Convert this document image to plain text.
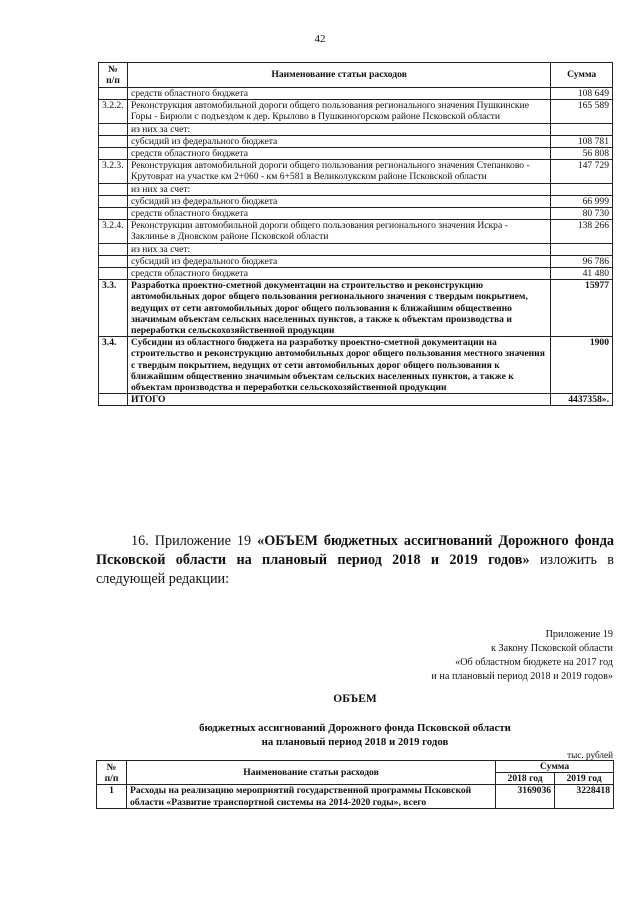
42
№
п/п	Наименование статьи расходов	Сумма
	средств областного бюджета	108 649
3.2.2.	Реконструкция автомобильной дороги общего пользования регионального значения Пушкинские Горы - Бирюли с подъездом к дер. Крылово в Пушкиногорском районе Псковской области	165 589
	из них за счет:	
	субсидий из федерального бюджета	108 781
	средств областного бюджета	56 808
3.2.3.	Реконструкция автомобильной дороги общего пользования регионального значения Степанково - Крутоврат на участке км 2+060 - км 6+581 в Великолукском районе Псковской области	147 729
	из них за счет:	
	субсидий из федерального бюджета	66 999
	средств областного бюджета	80 730
3.2.4.	Реконструкции автомобильной дороги общего пользования регионального значения Искра - Заклинье в Дновском районе Псковской области	138 266
	из них за счет:	
	субсидий из федерального бюджета	96 786
	средств областного бюджета	41 480
3.3.	Разработка проектно-сметной документации на строительство и реконструкцию автомобильных дорог общего пользования регионального значения с твердым покрытием, ведущих от сети автомобильных дорог общего пользования к ближайшим общественно значимым объектам сельских населенных пунктов, а также к объектам производства и переработки сельскохозяйственной продукции	15977
3.4.	Субсидии из областного бюджета на разработку проектно-сметной документации на строительство и реконструкцию автомобильных дорог общего пользования местного значения с твердым покрытием, ведущих от сети автомобильных дорог общего пользования к ближайшим общественно значимым объектам сельских населенных пунктов, а также к объектам производства и переработки сельскохозяйственной продукции	1900
	ИТОГО	4437358».
16. Приложение 19 «ОБЪЕМ бюджетных ассигнований Дорожного фонда Псковской области на плановый период 2018 и 2019 годов» изложить в следующей редакции:
Приложение 19
к Закону Псковской области
«Об областном бюджете на 2017 год
и на плановый период 2018 и 2019 годов»
ОБЪЕМ
бюджетных ассигнований Дорожного фонда Псковской области
на плановый период 2018 и 2019 годов
тыс. рублей
№
п/п	Наименование статьи расходов	Сумма	
		2018 год	2019 год
1	Расходы на реализацию мероприятий государственной программы Псковской области «Развитие транспортной системы на 2014-2020 годы», всего	3169036	3228418
